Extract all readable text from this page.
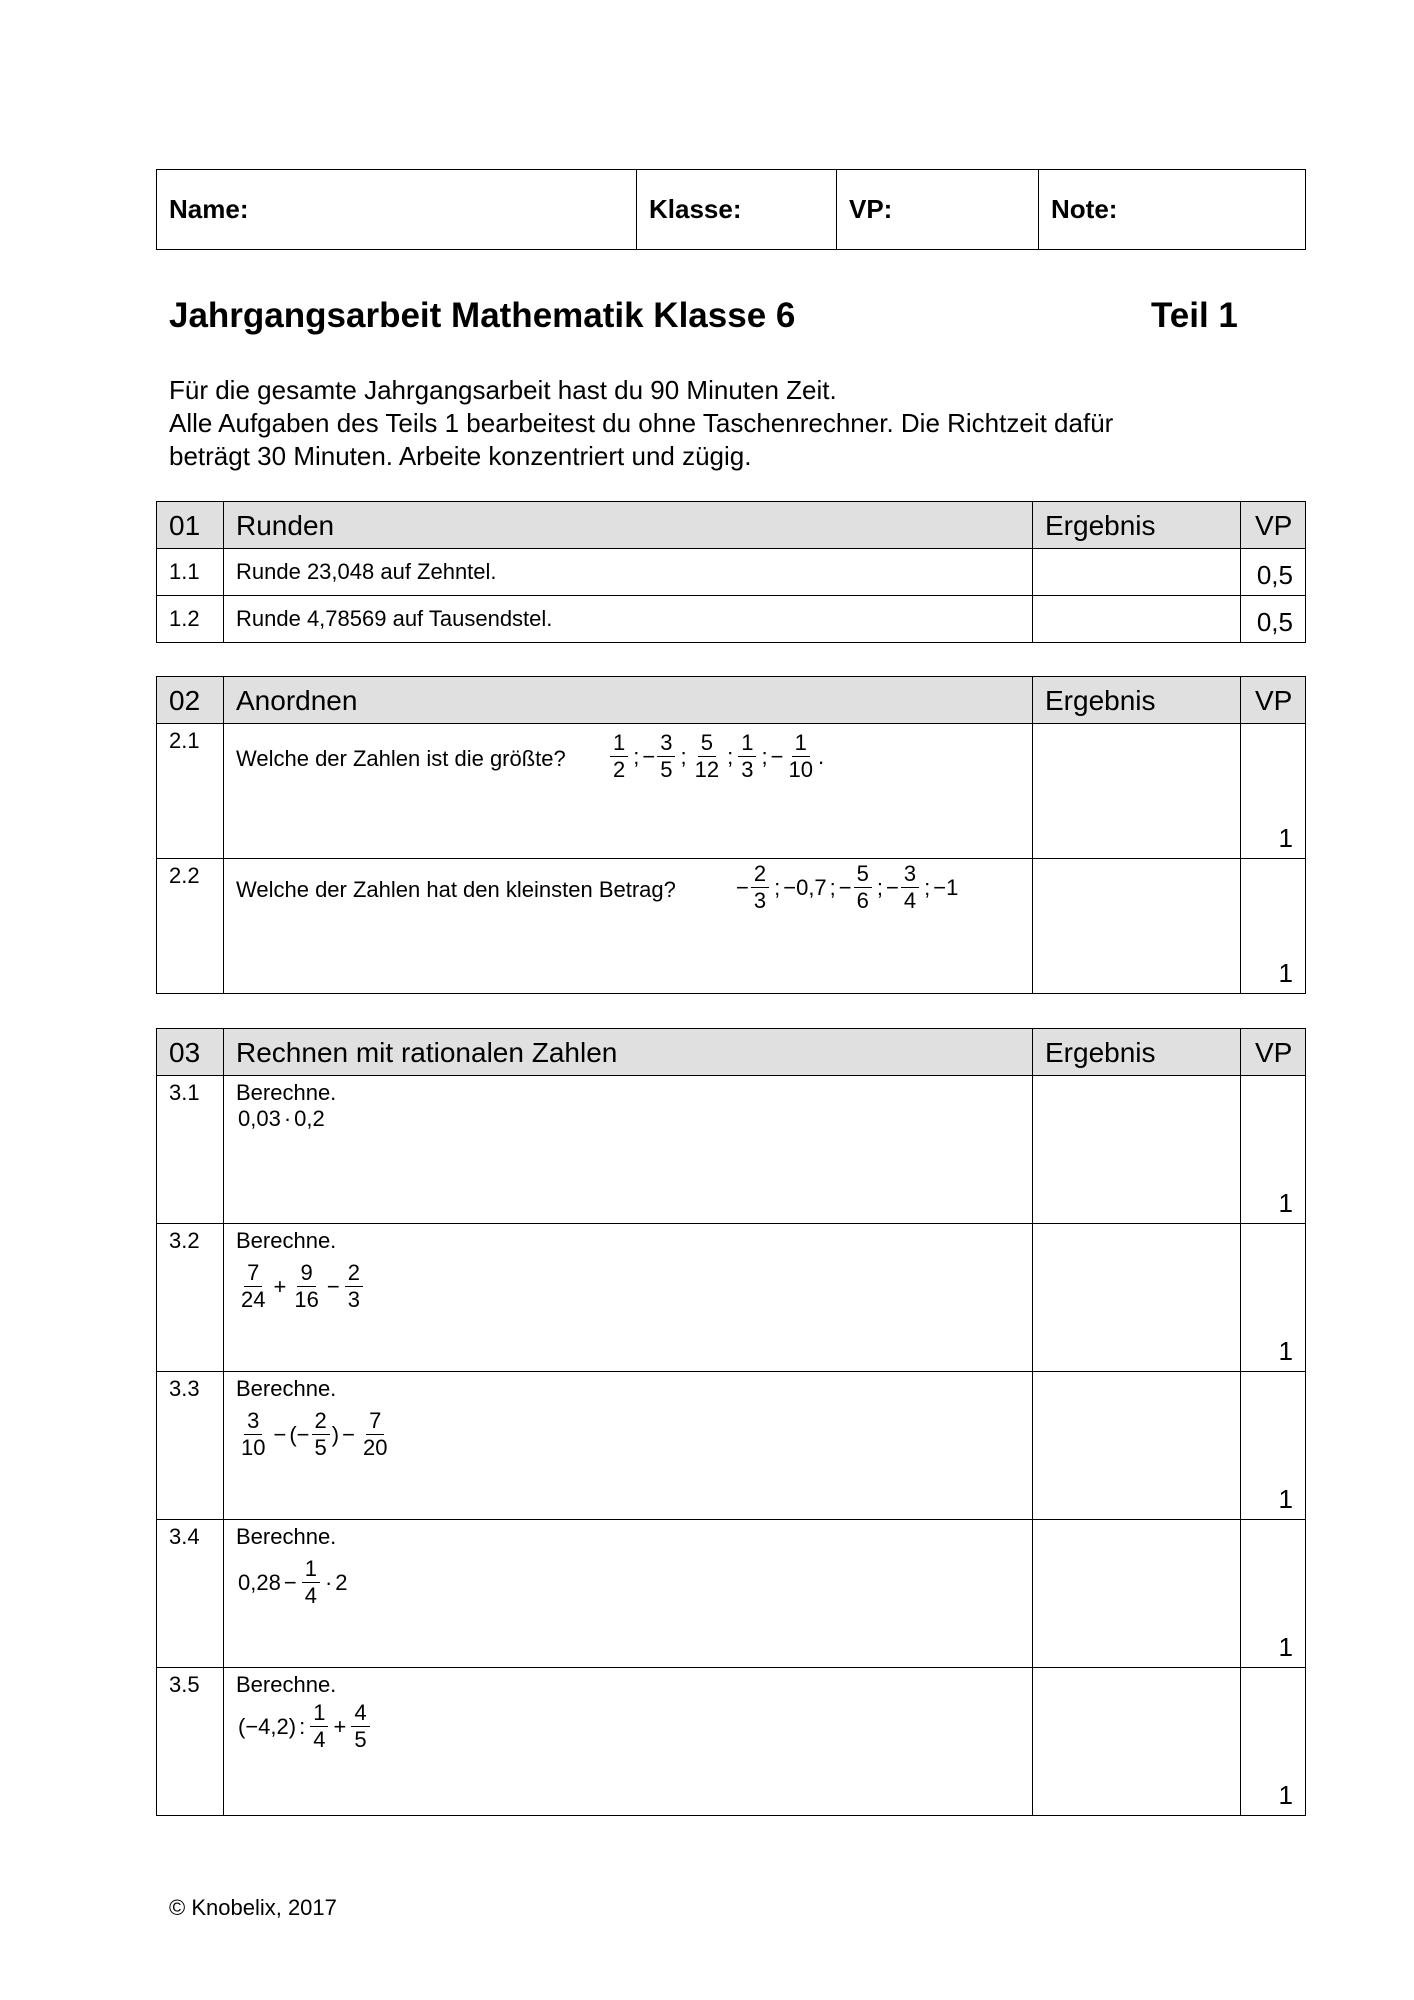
Name:	Klasse:	VP:	Note:
Jahrgangsarbeit Mathematik Klasse 6	Teil 1
Für die gesamte Jahrgangsarbeit hast du 90 Minuten Zeit.
Alle Aufgaben des Teils 1 bearbeitest du ohne Taschenrechner. Die Richtzeit dafür
beträgt 30 Minuten. Arbeite konzentriert und zügig.
01	Runden	Ergebnis	VP
1.1 Runde 23,048 auf Zehntel.	0,5
1.2 Runde 4,78569 auf Tausendstel.	0,5
02	Anordnen	Ergebnis	VP
2.1
Welche der Zahlen ist die größte? $\frac{1}{2}$ ; − $\frac{3}{5}$ ; $\frac{5}{12}$ ; $\frac{1}{3}$ ; − $\frac{1}{10}$ .
1
2.2
Welche der Zahlen hat den kleinsten Betrag?	− $\frac{2}{3}$ ; −0,7 ; − $\frac{5}{6}$ ; − $\frac{3}{4}$ ; −1
1
03	Rechnen mit rationalen Zahlen	Ergebnis	VP
3.1 Berechne.
0,03 · 0,2
1
3.2 Berechne.
$\frac{7}{24} + \frac{9}{16} - \frac{2}{3}$
1
3.3 Berechne.
$\frac{3}{10}$ − (− $\frac{2}{5}$ ) − $\frac{7}{20}$
1
3.4 Berechne.
$0,28 - \frac{1}{4} \cdot 2$
1
3.5 Berechne.
(−4,2) : $\frac{1}{4} + \frac{4}{5}$
1
© Knobelix, 2017
